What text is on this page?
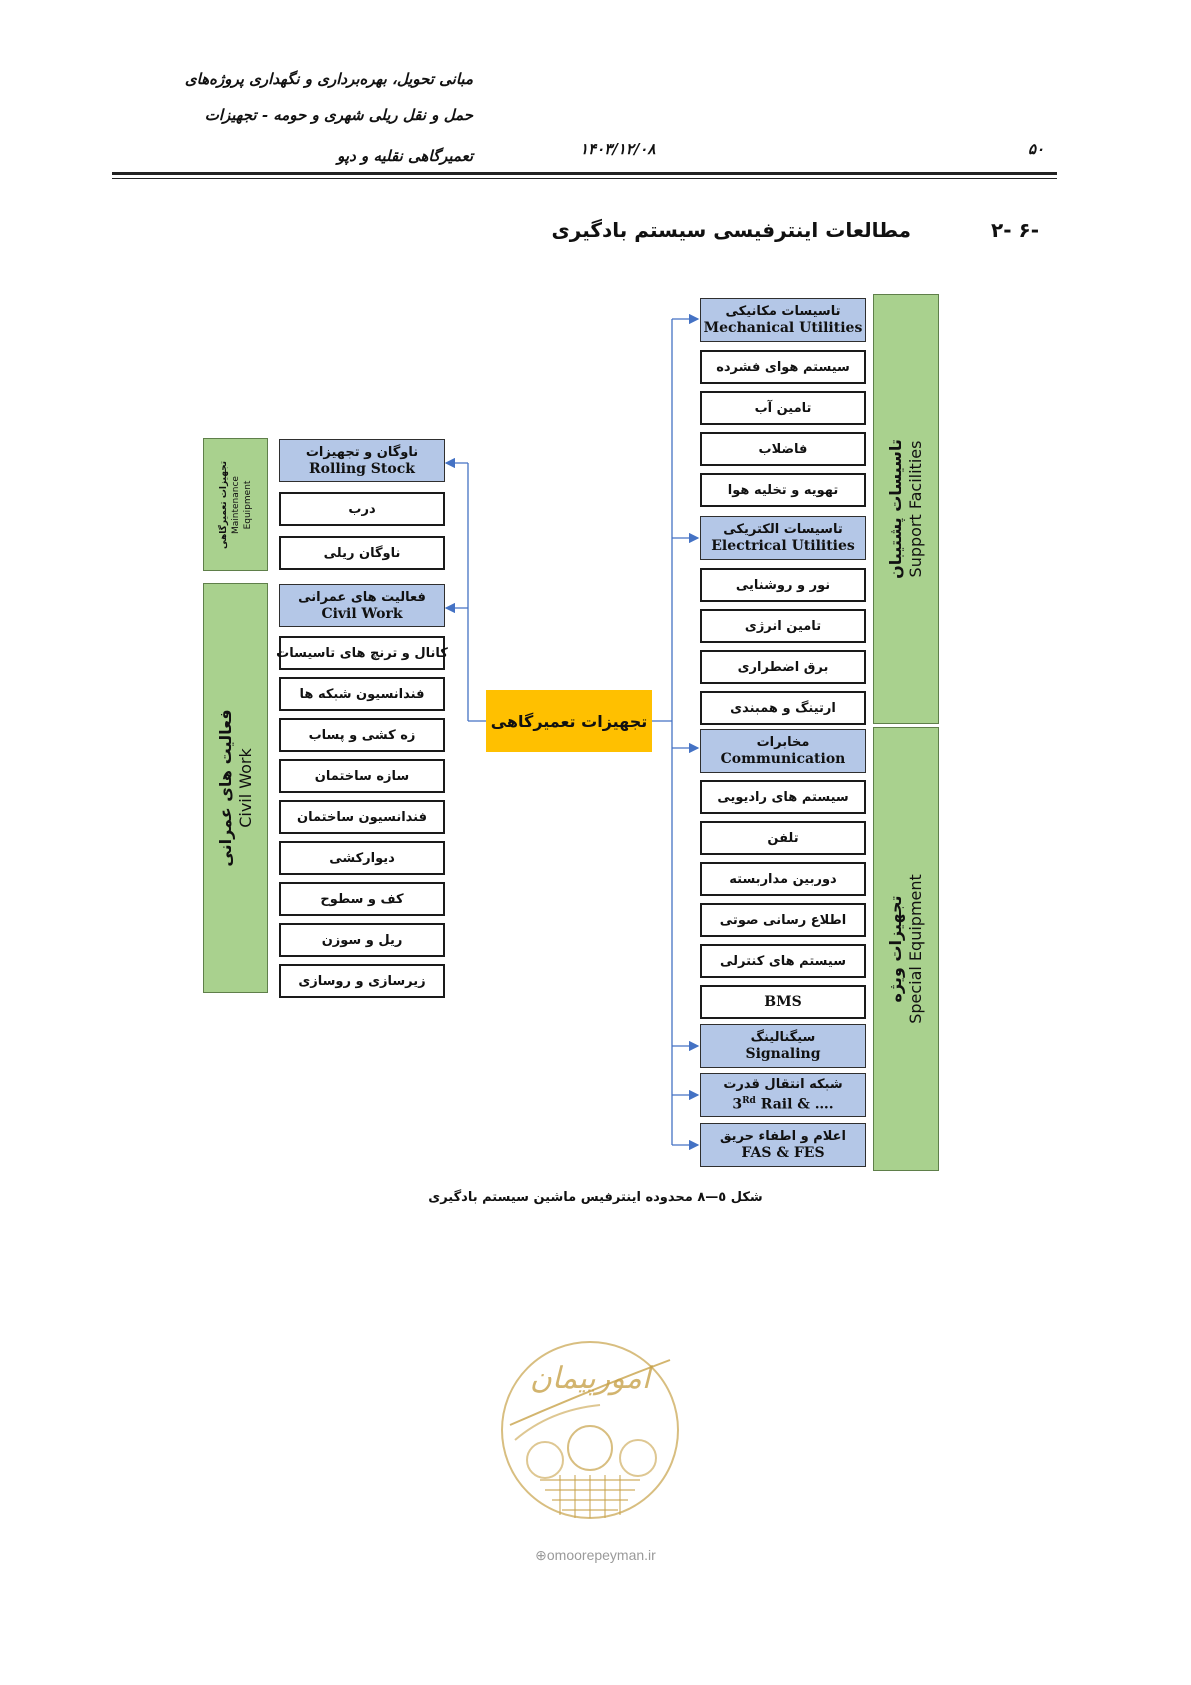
مبانی تحویل، بهره‌برداری و نگهداری پروژه‌های
حمل و نقل ریلی شهری و حومه - تجهیزات
تعمیرگاهی نقلیه و دپو	۱۴۰۳/۱۲/۰۸	۵۰
مطالعات اینترفیسی سیستم بادگیری	۲- ۶-
تجهیزات تعمیرگاهی Maintenance Equipment
فعالیت های عمرانی Civil Work
ناوگان و تجهیزات
Rolling Stock
درب
ناوگان ریلی
فعالیت های عمرانی
Civil Work
کانال و ترنچ های تاسیسات
فندانسیون شبکه ها
زه کشی و پساب
سازه ساختمان
فندانسیون ساختمان
دیوارکشی
کف و سطوح
ریل و سوزن
زیرسازی و روسازی
تجهیزات تعمیرگاهی
تاسیسات مکانیکی
Mechanical Utilities
سیستم هوای فشرده
تامین آب
فاضلاب
تهویه و تخلیه هوا
تاسیسات الکتریکی
Electrical Utilities
نور و روشنایی
تامین انرژی
برق اضطراری
ارتینگ و همبندی
مخابرات
Communication
سیستم های رادیویی
تلفن
دوربین مداربسته
اطلاع رسانی صوتی
سیستم های کنترلی
BMS
سیگنالینگ
Signaling
شبکه انتقال قدرت
3Rd Rail & ….
اعلام و اطفاء حریق
FAS & FES
تاسیسات پشتیبان Support Facilities
تجهیزات ویژه Special Equipment
شکل ٥—٨ محدوده اینترفیس ماشین سیستم بادگیری
امورپیمان
⊕omoorepeyman.ir
